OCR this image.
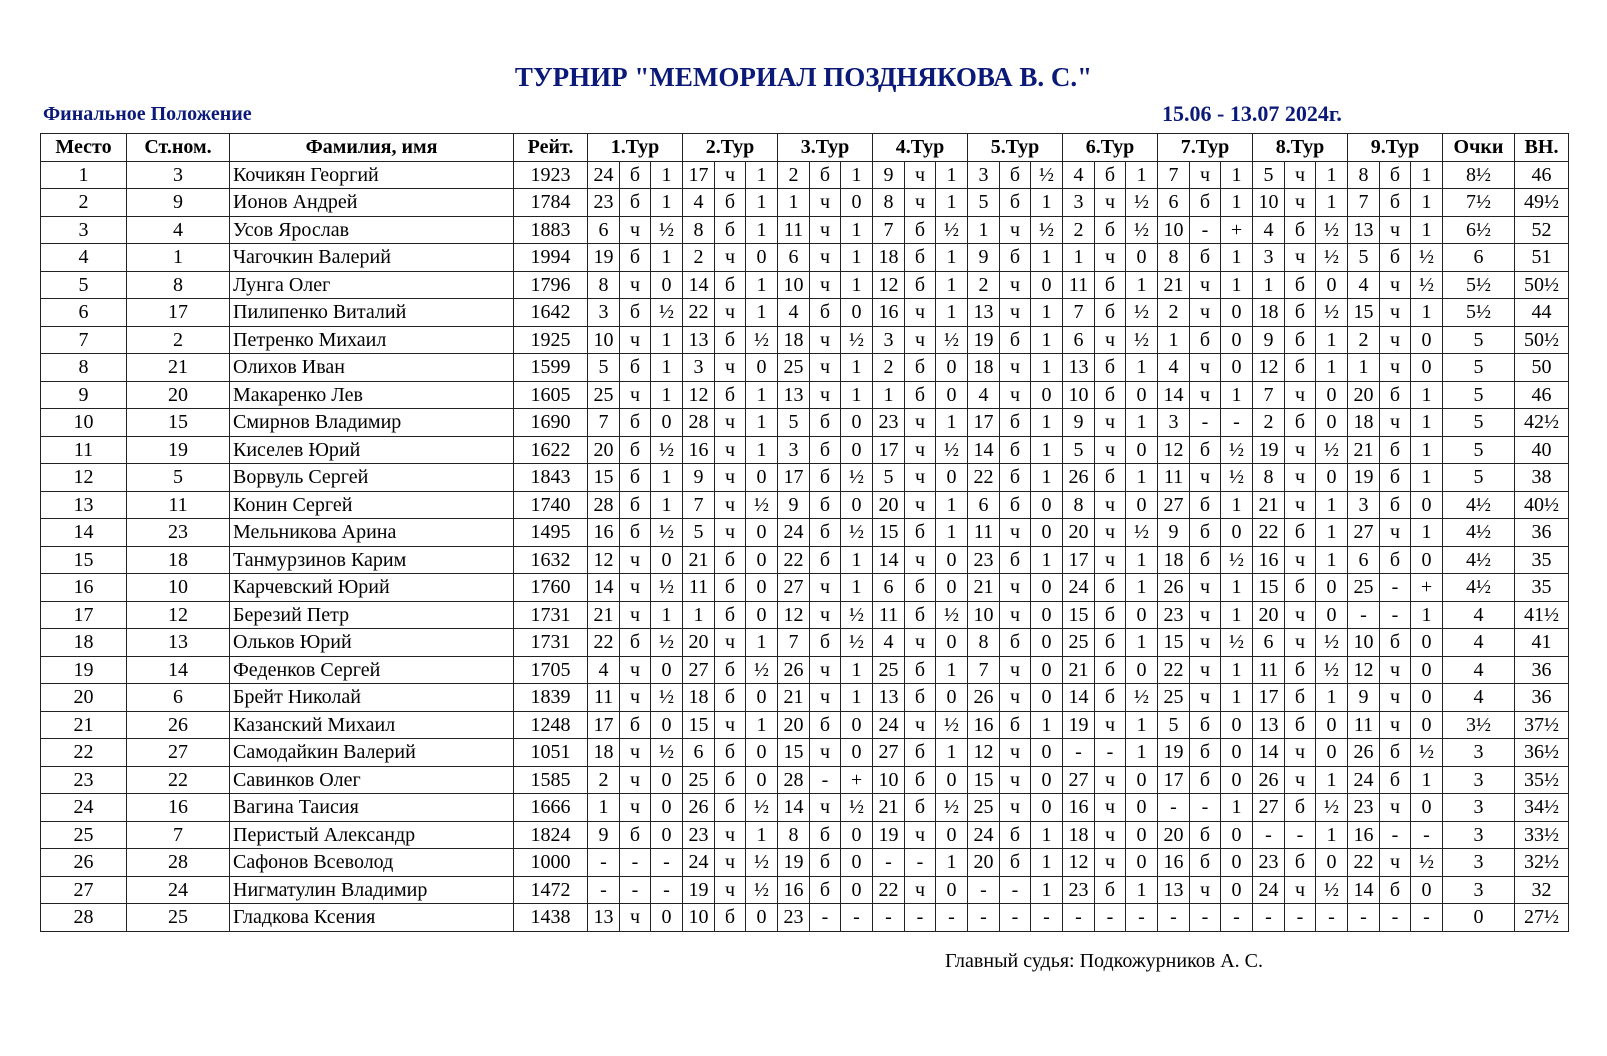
ТУРНИР "МЕМОРИАЛ ПОЗДНЯКОВА В. С."
Финальное Положение	15.06 - 13.07 2024г.
Место	Ст.ном.	Фамилия, имя	Рейт.	1.Тур			2.Тур			3.Тур			4.Тур			5.Тур			6.Тур			7.Тур			8.Тур			9.Тур			Очки	ВН.
1	3	Кочикян Георгий	1923	24	б	1	17	ч	1	2	б	1	9	ч	1	3	б	½	4	б	1	7	ч	1	5	ч	1	8	б	1	8½	46
2	9	Ионов Андрей	1784	23	б	1	4	б	1	1	ч	0	8	ч	1	5	б	1	3	ч	½	6	б	1	10	ч	1	7	б	1	7½	49½
3	4	Усов Ярослав	1883	6	ч	½	8	б	1	11	ч	1	7	б	½	1	ч	½	2	б	½	10	-	+	4	б	½	13	ч	1	6½	52
4	1	Чагочкин Валерий	1994	19	б	1	2	ч	0	6	ч	1	18	б	1	9	б	1	1	ч	0	8	б	1	3	ч	½	5	б	½	6	51
5	8	Лунга Олег	1796	8	ч	0	14	б	1	10	ч	1	12	б	1	2	ч	0	11	б	1	21	ч	1	1	б	0	4	ч	½	5½	50½
6	17	Пилипенко Виталий	1642	3	б	½	22	ч	1	4	б	0	16	ч	1	13	ч	1	7	б	½	2	ч	0	18	б	½	15	ч	1	5½	44
7	2	Петренко Михаил	1925	10	ч	1	13	б	½	18	ч	½	3	ч	½	19	б	1	6	ч	½	1	б	0	9	б	1	2	ч	0	5	50½
8	21	Олихов Иван	1599	5	б	1	3	ч	0	25	ч	1	2	б	0	18	ч	1	13	б	1	4	ч	0	12	б	1	1	ч	0	5	50
9	20	Макаренко Лев	1605	25	ч	1	12	б	1	13	ч	1	1	б	0	4	ч	0	10	б	0	14	ч	1	7	ч	0	20	б	1	5	46
10	15	Смирнов Владимир	1690	7	б	0	28	ч	1	5	б	0	23	ч	1	17	б	1	9	ч	1	3	-	-	2	б	0	18	ч	1	5	42½
11	19	Киселев Юрий	1622	20	б	½	16	ч	1	3	б	0	17	ч	½	14	б	1	5	ч	0	12	б	½	19	ч	½	21	б	1	5	40
12	5	Ворвуль Сергей	1843	15	б	1	9	ч	0	17	б	½	5	ч	0	22	б	1	26	б	1	11	ч	½	8	ч	0	19	б	1	5	38
13	11	Конин Сергей	1740	28	б	1	7	ч	½	9	б	0	20	ч	1	6	б	0	8	ч	0	27	б	1	21	ч	1	3	б	0	4½	40½
14	23	Мельникова Арина	1495	16	б	½	5	ч	0	24	б	½	15	б	1	11	ч	0	20	ч	½	9	б	0	22	б	1	27	ч	1	4½	36
15	18	Танмурзинов Карим	1632	12	ч	0	21	б	0	22	б	1	14	ч	0	23	б	1	17	ч	1	18	б	½	16	ч	1	6	б	0	4½	35
16	10	Карчевский Юрий	1760	14	ч	½	11	б	0	27	ч	1	6	б	0	21	ч	0	24	б	1	26	ч	1	15	б	0	25	-	+	4½	35
17	12	Березий Петр	1731	21	ч	1	1	б	0	12	ч	½	11	б	½	10	ч	0	15	б	0	23	ч	1	20	ч	0	-	-	1	4	41½
18	13	Ольков Юрий	1731	22	б	½	20	ч	1	7	б	½	4	ч	0	8	б	0	25	б	1	15	ч	½	6	ч	½	10	б	0	4	41
19	14	Феденков Сергей	1705	4	ч	0	27	б	½	26	ч	1	25	б	1	7	ч	0	21	б	0	22	ч	1	11	б	½	12	ч	0	4	36
20	6	Брейт Николай	1839	11	ч	½	18	б	0	21	ч	1	13	б	0	26	ч	0	14	б	½	25	ч	1	17	б	1	9	ч	0	4	36
21	26	Казанский Михаил	1248	17	б	0	15	ч	1	20	б	0	24	ч	½	16	б	1	19	ч	1	5	б	0	13	б	0	11	ч	0	3½	37½
22	27	Самодайкин Валерий	1051	18	ч	½	6	б	0	15	ч	0	27	б	1	12	ч	0	-	-	1	19	б	0	14	ч	0	26	б	½	3	36½
23	22	Савинков Олег	1585	2	ч	0	25	б	0	28	-	+	10	б	0	15	ч	0	27	ч	0	17	б	0	26	ч	1	24	б	1	3	35½
24	16	Вагина Таисия	1666	1	ч	0	26	б	½	14	ч	½	21	б	½	25	ч	0	16	ч	0	-	-	1	27	б	½	23	ч	0	3	34½
25	7	Перистый Александр	1824	9	б	0	23	ч	1	8	б	0	19	ч	0	24	б	1	18	ч	0	20	б	0	-	-	1	16	-	-	3	33½
26	28	Сафонов Всеволод	1000	-	-	-	24	ч	½	19	б	0	-	-	1	20	б	1	12	ч	0	16	б	0	23	б	0	22	ч	½	3	32½
27	24	Нигматулин Владимир	1472	-	-	-	19	ч	½	16	б	0	22	ч	0	-	-	1	23	б	1	13	ч	0	24	ч	½	14	б	0	3	32
28	25	Гладкова Ксения	1438	13	ч	0	10	б	0	23	-	-	-	-	-	-	-	-	-	-	-	-	-	-	-	-	-	-	-	-	0	27½
Главный судья: Подкожурников А. С.
